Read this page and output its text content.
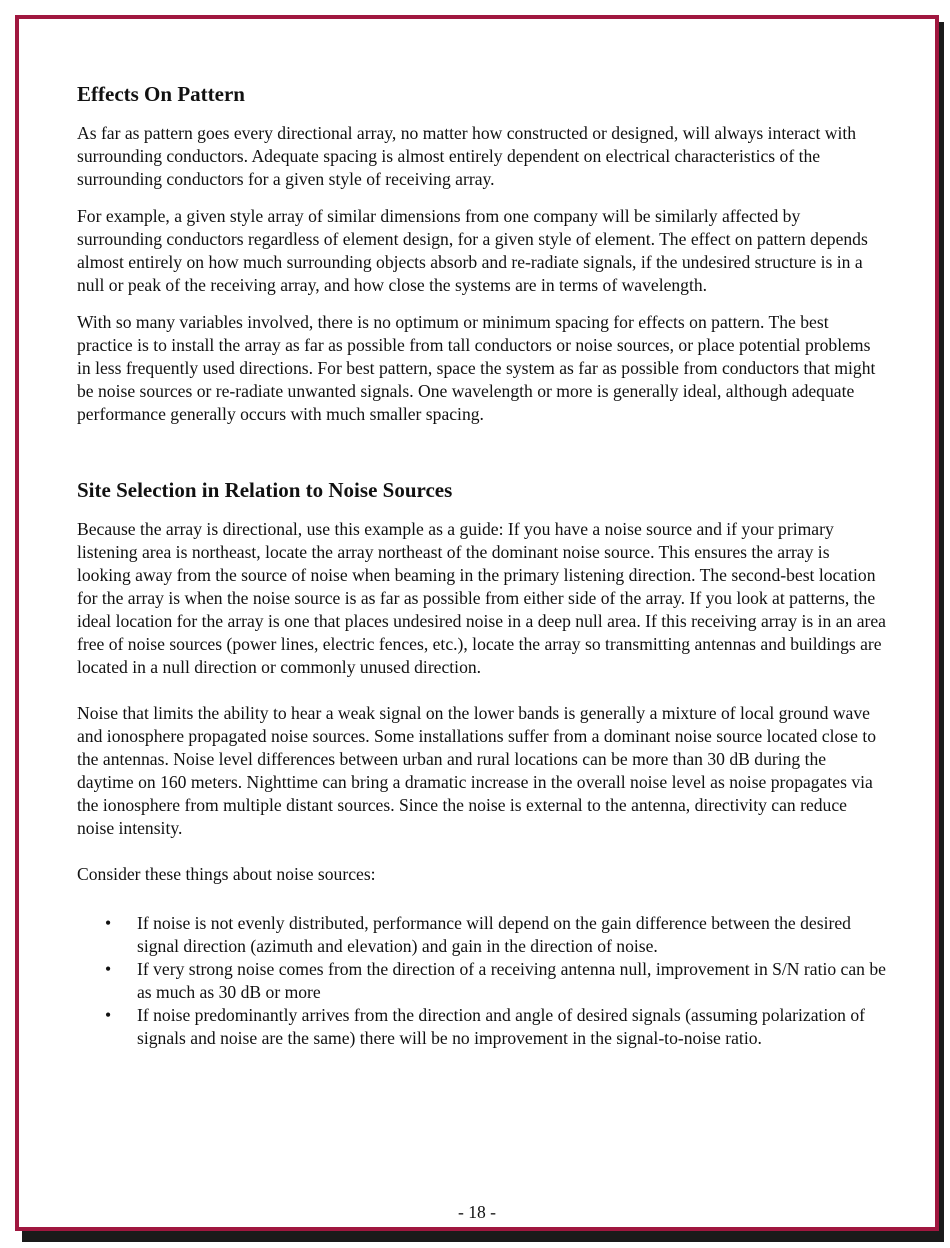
Effects On Pattern

As far as pattern goes every directional array, no matter how constructed or designed, will always interact with surrounding conductors. Adequate spacing is almost entirely dependent on electrical characteristics of the surrounding conductors for a given style of receiving array.

For example, a given style array of similar dimensions from one company will be similarly affected by surrounding conductors regardless of element design, for a given style of element. The effect on pattern depends almost entirely on how much surrounding objects absorb and re-radiate signals, if the undesired structure is in a null or peak of the receiving array, and how close the systems are in terms of wavelength.

With so many variables involved, there is no optimum or minimum spacing for effects on pattern. The best practice is to install the array as far as possible from tall conductors or noise sources, or place potential problems in less frequently used directions. For best pattern, space the system as far as possible from conductors that might be noise sources or re-radiate unwanted signals. One wavelength or more is generally ideal, although adequate performance generally occurs with much smaller spacing.

Site Selection in Relation to Noise Sources

Because the array is directional, use this example as a guide: If you have a noise source and if your primary listening area is northeast, locate the array northeast of the dominant noise source. This ensures the array is looking away from the source of noise when beaming in the primary listening direction. The second-best location for the array is when the noise source is as far as possible from either side of the array. If you look at patterns, the ideal location for the array is one that places undesired noise in a deep null area. If this receiving array is in an area free of noise sources (power lines, electric fences, etc.), locate the array so transmitting antennas and buildings are located in a null direction or commonly unused direction.

Noise that limits the ability to hear a weak signal on the lower bands is generally a mixture of local ground wave and ionosphere propagated noise sources. Some installations suffer from a dominant noise source located close to the antennas. Noise level differences between urban and rural locations can be more than 30 dB during the daytime on 160 meters. Nighttime can bring a dramatic increase in the overall noise level as noise propagates via the ionosphere from multiple distant sources. Since the noise is external to the antenna, directivity can reduce noise intensity.

Consider these things about noise sources:

• If noise is not evenly distributed, performance will depend on the gain difference between the desired signal direction (azimuth and elevation) and gain in the direction of noise.
• If very strong noise comes from the direction of a receiving antenna null, improvement in S/N ratio can be as much as 30 dB or more
• If noise predominantly arrives from the direction and angle of desired signals (assuming polarization of signals and noise are the same) there will be no improvement in the signal-to-noise ratio.
- 18 -
